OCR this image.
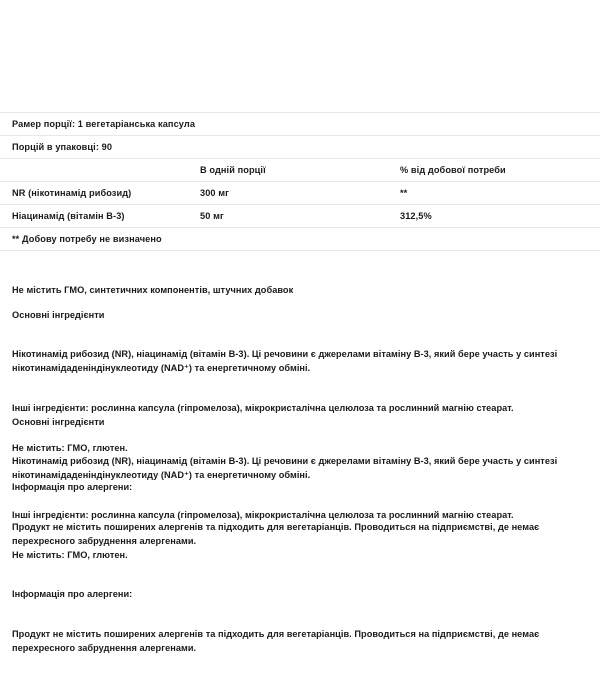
Рамер порції: 1 вегетаріанська капсула		
Порцій в упаковці: 90		
	В одній порції	% від добової потреби
NR (нікотинамід рибозид)	300 мг	**
Ніацинамід (вітамін B-3)	50 мг	312,5%
** Добову потребу не визначено		

Не містить ГМО, синтетичних компонентів, штучних добавок

Основні інгредієнти

Нікотинамід рибозид (NR), ніацинамід (вітамін B-3). Ці речовини є джерелами вітаміну B-3, який бере участь у синтезі нікотинамідаденіндінуклеотиду (NAD⁺) та енергетичному обміні.

Інші інгредієнти: рослинна капсула (гіпромелоза), мікрокристалічна целюлоза та рослинний магнію стеарат.

Не містить: ГМО, глютен.

Інформація про алергени:

Продукт не містить поширених алергенів та підходить для вегетаріанців. Проводиться на підприємстві, де немає перехресного забруднення алергенами.

Основні інгредієнти

Нікотинамід рибозид (NR), ніацинамід (вітамін B-3). Ці речовини є джерелами вітаміну B-3, який бере участь у синтезі нікотинамідаденіндінуклеотиду (NAD⁺) та енергетичному обміні.

Інші інгредієнти: рослинна капсула (гіпромелоза), мікрокристалічна целюлоза та рослинний магнію стеарат.

Не містить: ГМО, глютен.

Інформація про алергени:

Продукт не містить поширених алергенів та підходить для вегетаріанців. Проводиться на підприємстві, де немає перехресного забруднення алергенами.
